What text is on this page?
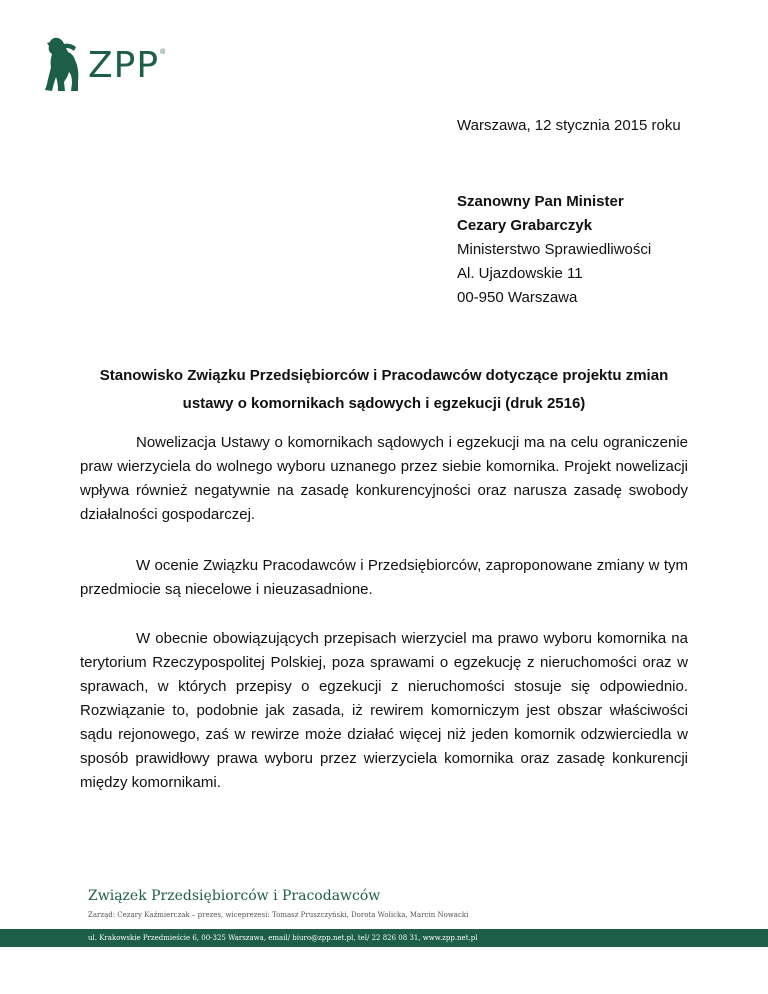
ZPP ®
Warszawa, 12 stycznia 2015 roku
Szanowny Pan Minister
Cezary Grabarczyk
Ministerstwo Sprawiedliwości
Al. Ujazdowskie 11
00-950 Warszawa
Stanowisko Związku Przedsiębiorców i Pracodawców dotyczące projektu zmian ustawy o komornikach sądowych i egzekucji (druk 2516)
Nowelizacja Ustawy o komornikach sądowych i egzekucji ma na celu ograniczenie praw wierzyciela do wolnego wyboru uznanego przez siebie komornika. Projekt nowelizacji wpływa również negatywnie na zasadę konkurencyjności oraz narusza zasadę swobody działalności gospodarczej.
W ocenie Związku Pracodawców i Przedsiębiorców, zaproponowane zmiany w tym przedmiocie są niecelowe i nieuzasadnione.
W obecnie obowiązujących przepisach wierzyciel ma prawo wyboru komornika na terytorium Rzeczypospolitej Polskiej, poza sprawami o egzekucję z nieruchomości oraz w sprawach, w których przepisy o egzekucji z nieruchomości stosuje się odpowiednio. Rozwiązanie to, podobnie jak zasada, iż rewirem komorniczym jest obszar właściwości sądu rejonowego, zaś w rewirze może działać więcej niż jeden komornik odzwierciedla w sposób prawidłowy prawa wyboru przez wierzyciela komornika oraz zasadę konkurencji między komornikami.
Związek Przedsiębiorców i Pracodawców
Zarząd: Cezary Kaźmierczak – prezes, wiceprezesi: Tomasz Pruszczyński, Dorota Wolicka, Marcin Nowacki
ul. Krakowskie Przedmieście 6, 00-325 Warszawa, email/ biuro@zpp.net.pl, tel/ 22 826 08 31, www.zpp.net.pl
